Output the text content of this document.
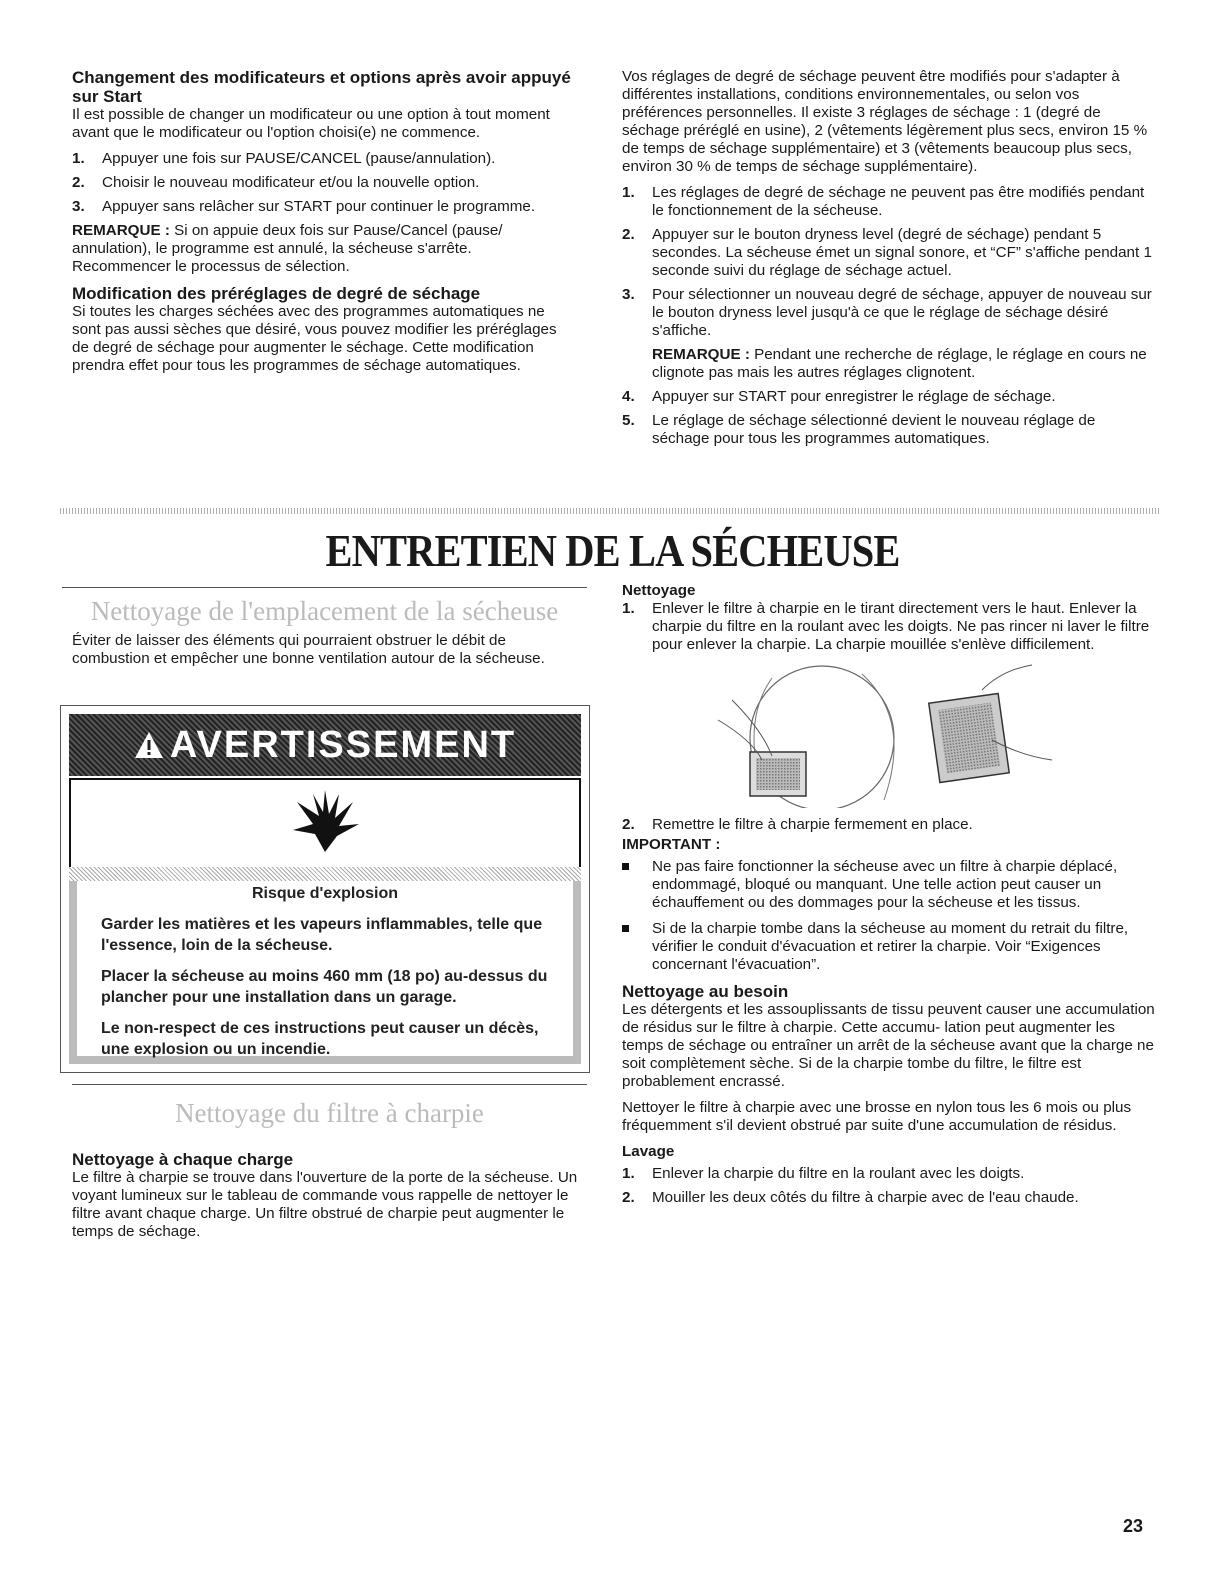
Changement des modificateurs et options après avoir appuyé sur Start

Il est possible de changer un modificateur ou une option à tout moment avant que le modificateur ou l'option choisi(e) ne commence.

1. Appuyer une fois sur PAUSE/CANCEL (pause/annulation).
2. Choisir le nouveau modificateur et/ou la nouvelle option.
3. Appuyer sans relâcher sur START pour continuer le programme.

REMARQUE : Si on appuie deux fois sur Pause/Cancel (pause/ annulation), le programme est annulé, la sécheuse s'arrête. Recommencer le processus de sélection.

Modification des préréglages de degré de séchage

Si toutes les charges séchées avec des programmes automatiques ne sont pas aussi sèches que désiré, vous pouvez modifier les préréglages de degré de séchage pour augmenter le séchage. Cette modification prendra effet pour tous les programmes de séchage automatiques.

Vos réglages de degré de séchage peuvent être modifiés pour s'adapter à différentes installations, conditions environnementales, ou selon vos préférences personnelles. Il existe 3 réglages de séchage : 1 (degré de séchage préréglé en usine), 2 (vêtements légèrement plus secs, environ 15 % de temps de séchage supplémentaire) et 3 (vêtements beaucoup plus secs, environ 30 % de temps de séchage supplémentaire).

1. Les réglages de degré de séchage ne peuvent pas être modifiés pendant le fonctionnement de la sécheuse.
2. Appuyer sur le bouton dryness level (degré de séchage) pendant 5 secondes. La sécheuse émet un signal sonore, et “CF” s'affiche pendant 1 seconde suivi du réglage de séchage actuel.
3. Pour sélectionner un nouveau degré de séchage, appuyer de nouveau sur le bouton dryness level jusqu'à ce que le réglage de séchage désiré s'affiche.
REMARQUE : Pendant une recherche de réglage, le réglage en cours ne clignote pas mais les autres réglages clignotent.
4. Appuyer sur START pour enregistrer le réglage de séchage.
5. Le réglage de séchage sélectionné devient le nouveau réglage de séchage pour tous les programmes automatiques.
ENTRETIEN DE LA SÉCHEUSE
Nettoyage de l'emplacement de la sécheuse
Éviter de laisser des éléments qui pourraient obstruer le débit de combustion et empêcher une bonne ventilation autour de la sécheuse.
AVERTISSEMENT
Risque d'explosion
Garder les matières et les vapeurs inflammables, telle que l'essence, loin de la sécheuse.
Placer la sécheuse au moins 460 mm (18 po) au-dessus du plancher pour une installation dans un garage.
Le non-respect de ces instructions peut causer un décès, une explosion ou un incendie.
Nettoyage du filtre à charpie
Nettoyage à chaque charge

Le filtre à charpie se trouve dans l'ouverture de la porte de la sécheuse. Un voyant lumineux sur le tableau de commande vous rappelle de nettoyer le filtre avant chaque charge. Un filtre obstrué de charpie peut augmenter le temps de séchage.

Nettoyage
1. Enlever le filtre à charpie en le tirant directement vers le haut. Enlever la charpie du filtre en la roulant avec les doigts. Ne pas rincer ni laver le filtre pour enlever la charpie. La charpie mouillée s'enlève difficilement.
2. Remettre le filtre à charpie fermement en place.
IMPORTANT :
Ne pas faire fonctionner la sécheuse avec un filtre à charpie déplacé, endommagé, bloqué ou manquant. Une telle action peut causer un échauffement ou des dommages pour la sécheuse et les tissus.
Si de la charpie tombe dans la sécheuse au moment du retrait du filtre, vérifier le conduit d'évacuation et retirer la charpie. Voir “Exigences concernant l'évacuation”.
Nettoyage au besoin

Les détergents et les assouplissants de tissu peuvent causer une accumulation de résidus sur le filtre à charpie. Cette accumu- lation peut augmenter les temps de séchage ou entraîner un arrêt de la sécheuse avant que la charge ne soit complètement sèche. Si de la charpie tombe du filtre, le filtre est probablement encrassé.

Nettoyer le filtre à charpie avec une brosse en nylon tous les 6 mois ou plus fréquemment s'il devient obstrué par suite d'une accumulation de résidus.

Lavage
1. Enlever la charpie du filtre en la roulant avec les doigts.
2. Mouiller les deux côtés du filtre à charpie avec de l'eau chaude.
23
